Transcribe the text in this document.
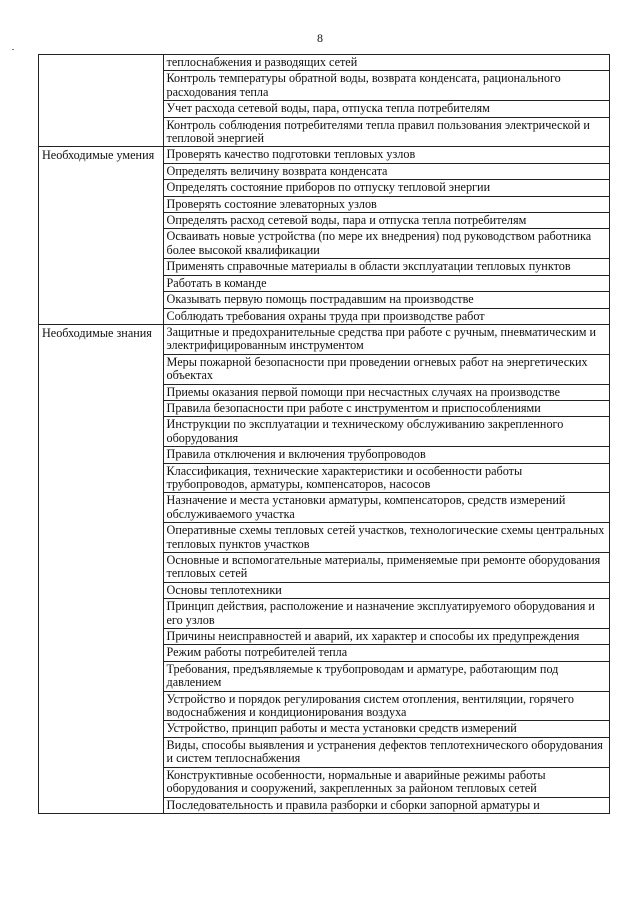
8

	теплоснабжения и разводящих сетей

	Контроль температуры обратной воды, возврата конденсата, рационального расходования тепла

	Учет расхода сетевой воды, пара, отпуска тепла потребителям

	Контроль соблюдения потребителями тепла правил пользования электрической и тепловой энергией

Необходимые умения	Проверять качество подготовки тепловых узлов

	Определять величину возврата конденсата

	Определять состояние приборов по отпуску тепловой энергии

	Проверять состояние элеваторных узлов

	Определять расход сетевой воды, пара и отпуска тепла потребителям

	Осваивать новые устройства (по мере их внедрения) под руководством работника более высокой квалификации

	Применять справочные материалы в области эксплуатации тепловых пунктов

	Работать в команде

	Оказывать первую помощь пострадавшим на производстве

	Соблюдать требования охраны труда при производстве работ

Необходимые знания	Защитные и предохранительные средства при работе с ручным, пневматическим и электрифицированным инструментом

	Меры пожарной безопасности при проведении огневых работ на энергетических объектах

	Приемы оказания первой помощи при несчастных случаях на производстве

	Правила безопасности при работе с инструментом и приспособлениями

	Инструкции по эксплуатации и техническому обслуживанию закрепленного оборудования

	Правила отключения и включения трубопроводов

	Классификация, технические характеристики и особенности работы трубопроводов, арматуры, компенсаторов, насосов

	Назначение и места установки арматуры, компенсаторов, средств измерений обслуживаемого участка

	Оперативные схемы тепловых сетей участков, технологические схемы центральных тепловых пунктов участков

	Основные и вспомогательные материалы, применяемые при ремонте оборудования тепловых сетей

	Основы теплотехники

	Принцип действия, расположение и назначение эксплуатируемого оборудования и его узлов

	Причины неисправностей и аварий, их характер и способы их предупреждения

	Режим работы потребителей тепла

	Требования, предъявляемые к трубопроводам и арматуре, работающим под давлением

	Устройство и порядок регулирования систем отопления, вентиляции, горячего водоснабжения и кондиционирования воздуха

	Устройство, принцип работы и места установки средств измерений

	Виды, способы выявления и устранения дефектов теплотехнического оборудования и систем теплоснабжения

	Конструктивные особенности, нормальные и аварийные режимы работы оборудования и сооружений, закрепленных за районом тепловых сетей

	Последовательность и правила разборки и сборки запорной арматуры и
